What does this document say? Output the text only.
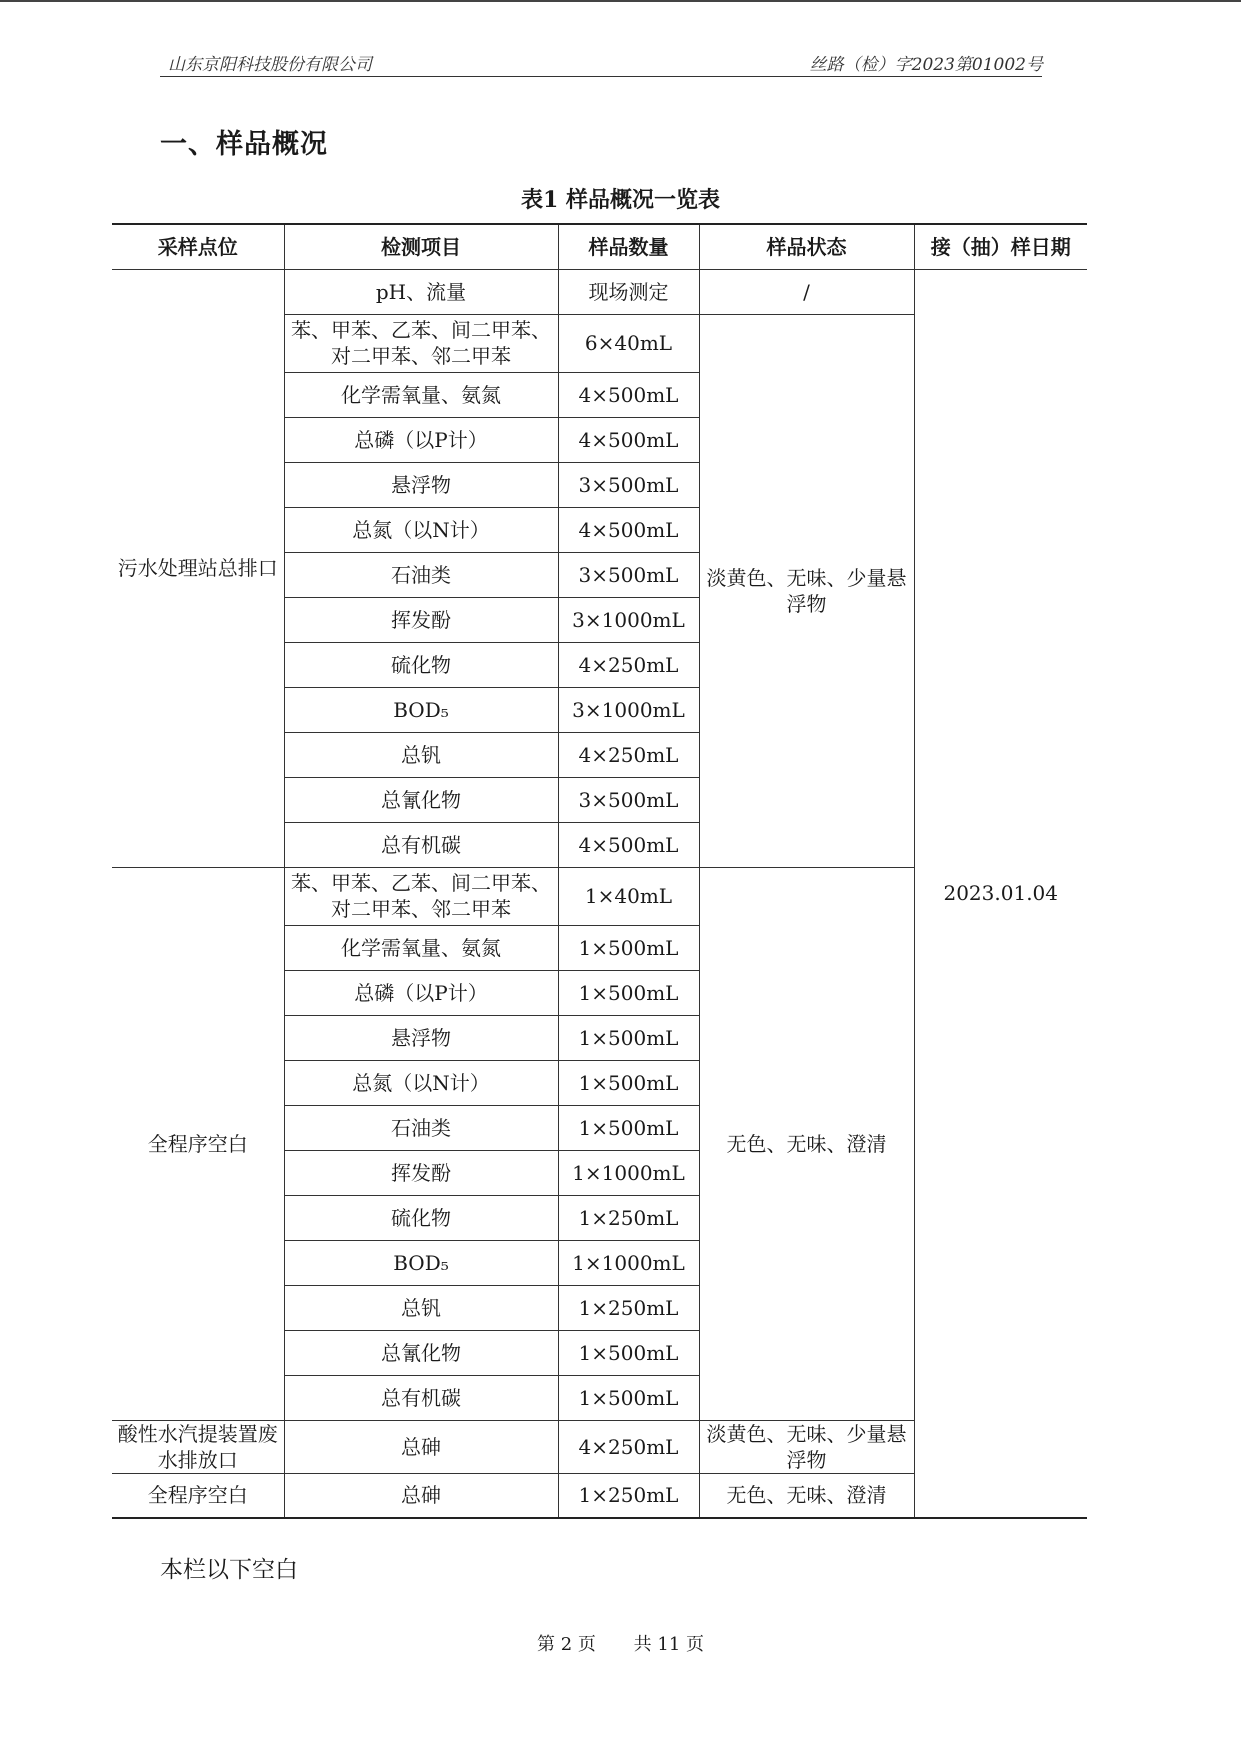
山东京阳科技股份有限公司	丝路（检）字2023第01002号
一、样品概况
表1 样品概况一览表
采样点位	检测项目	样品数量	样品状态	接（抽）样日期
污水处理站总排口	pH、流量	现场测定	/	2023.01.04
	苯、甲苯、乙苯、间二甲苯、对二甲苯、邻二甲苯	6×40mL	淡黄色、无味、少量悬浮物	
	化学需氧量、氨氮	4×500mL		
	总磷（以P计）	4×500mL		
	悬浮物	3×500mL		
	总氮（以N计）	4×500mL		
	石油类	3×500mL		
	挥发酚	3×1000mL		
	硫化物	4×250mL		
	BOD₅	3×1000mL		
	总钒	4×250mL		
	总氰化物	3×500mL		
	总有机碳	4×500mL		
全程序空白	苯、甲苯、乙苯、间二甲苯、对二甲苯、邻二甲苯	1×40mL	无色、无味、澄清	
	化学需氧量、氨氮	1×500mL		
	总磷（以P计）	1×500mL		
	悬浮物	1×500mL		
	总氮（以N计）	1×500mL		
	石油类	1×500mL		
	挥发酚	1×1000mL		
	硫化物	1×250mL		
	BOD₅	1×1000mL		
	总钒	1×250mL		
	总氰化物	1×500mL		
	总有机碳	1×500mL		
酸性水汽提装置废水排放口	总砷	4×250mL	淡黄色、无味、少量悬浮物	
全程序空白	总砷	1×250mL	无色、无味、澄清	
本栏以下空白
第 2 页 共 11 页
